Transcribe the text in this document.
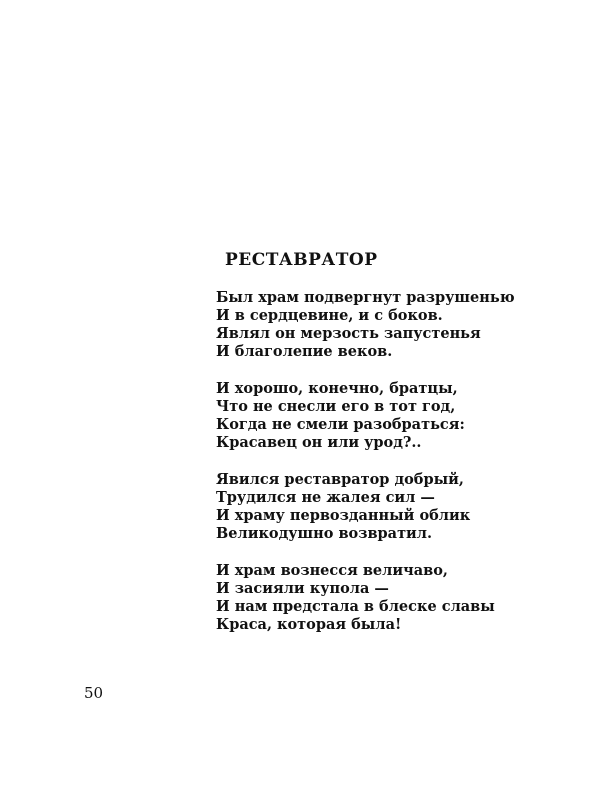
РЕСТАВРАТОР
Был храм подвергнут разрушенью
И в сердцевине, и с боков.
Являл он мерзость запустенья
И благолепие веков.
И хорошо, конечно, братцы,
Что не снесли его в тот год,
Когда не смели разобраться:
Красавец он или урод?..
Явился реставратор добрый,
Трудился не жалея сил —
И храму первозданный облик
Великодушно возвратил.
И храм вознесся величаво,
И засияли купола —
И нам предстала в блеске славы
Краса, которая была!

50
